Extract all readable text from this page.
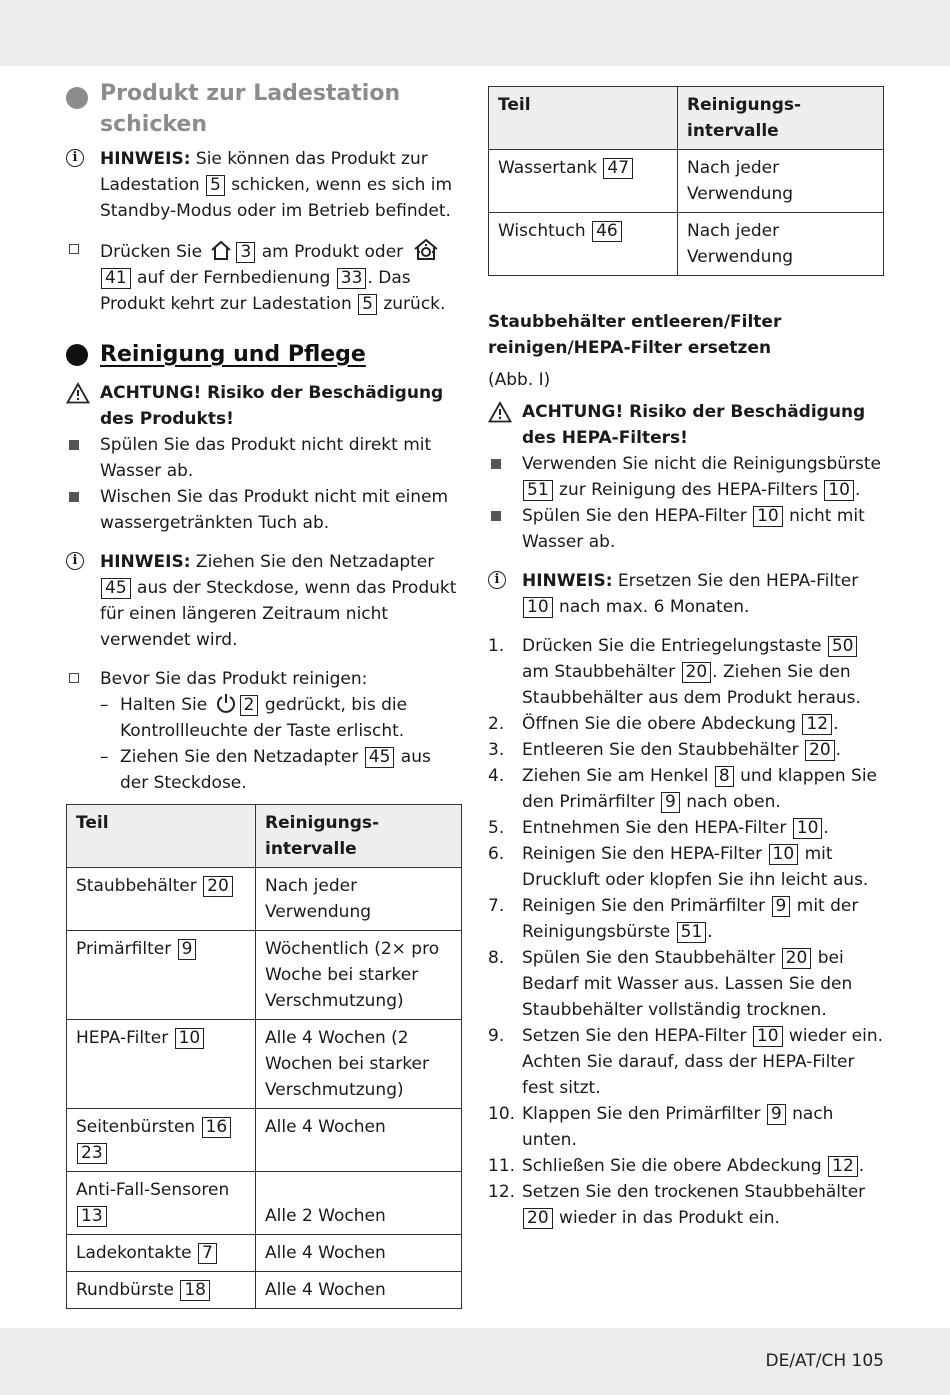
Produkt zur Ladestation
schicken
i	HINWEIS: Sie können das Produkt zur Ladestation 5 schicken, wenn es sich im Standby-Modus oder im Betrieb befindet.
Drücken Sie 3 am Produkt oder 41 auf der Fernbedienung 33 . Das Produkt kehrt zur Ladestation 5 zurück.
Reinigung und Pflege
ACHTUNG! Risiko der Beschädigung des Produkts!
Spülen Sie das Produkt nicht direkt mit Wasser ab.
Wischen Sie das Produkt nicht mit einem wassergetränkten Tuch ab.
i	HINWEIS: Ziehen Sie den Netzadapter 45 aus der Steckdose, wenn das Produkt für einen längeren Zeitraum nicht verwendet wird.
Bevor Sie das Produkt reinigen:
– Halten Sie 2 gedrückt, bis die Kontrollleuchte der Taste erlischt.
– Ziehen Sie den Netzadapter 45 aus der Steckdose.
Teil	Reinigungs-
intervalle
Staubbehälter 20	Nach jeder Verwendung
Primärfilter 9	Wöchentlich (2× pro Woche bei starker Verschmutzung)
HEPA-Filter 10	Alle 4 Wochen (2 Wochen bei starker Verschmutzung)
Seitenbürsten 16 23	Alle 4 Wochen
Anti-Fall-Sensoren 13	Alle 2 Wochen
Ladekontakte 7	Alle 4 Wochen
Rundbürste 18	Alle 4 Wochen
Teil	Reinigungs-
intervalle
Wassertank 47	Nach jeder Verwendung
Wischtuch 46	Nach jeder Verwendung
Staubbehälter entleeren/Filter reinigen/HEPA-Filter ersetzen
(Abb. I)
ACHTUNG! Risiko der Beschädigung des HEPA-Filters!
Verwenden Sie nicht die Reinigungsbürste 51 zur Reinigung des HEPA-Filters 10 .
Spülen Sie den HEPA-Filter 10 nicht mit Wasser ab.
i	HINWEIS: Ersetzen Sie den HEPA-Filter 10 nach max. 6 Monaten.
1. Drücken Sie die Entriegelungstaste 50 am Staubbehälter 20 . Ziehen Sie den Staubbehälter aus dem Produkt heraus.
2. Öffnen Sie die obere Abdeckung 12 .
3. Entleeren Sie den Staubbehälter 20 .
4. Ziehen Sie am Henkel 8 und klappen Sie den Primärfilter 9 nach oben.
5. Entnehmen Sie den HEPA-Filter 10 .
6. Reinigen Sie den HEPA-Filter 10 mit Druckluft oder klopfen Sie ihn leicht aus.
7. Reinigen Sie den Primärfilter 9 mit der Reinigungsbürste 51 .
8. Spülen Sie den Staubbehälter 20 bei Bedarf mit Wasser aus. Lassen Sie den Staubbehälter vollständig trocknen.
9. Setzen Sie den HEPA-Filter 10 wieder ein. Achten Sie darauf, dass der HEPA-Filter fest sitzt.
10. Klappen Sie den Primärfilter 9 nach unten.
11. Schließen Sie die obere Abdeckung 12 .
12. Setzen Sie den trockenen Staubbehälter 20 wieder in das Produkt ein.
DE/AT/CH 105
